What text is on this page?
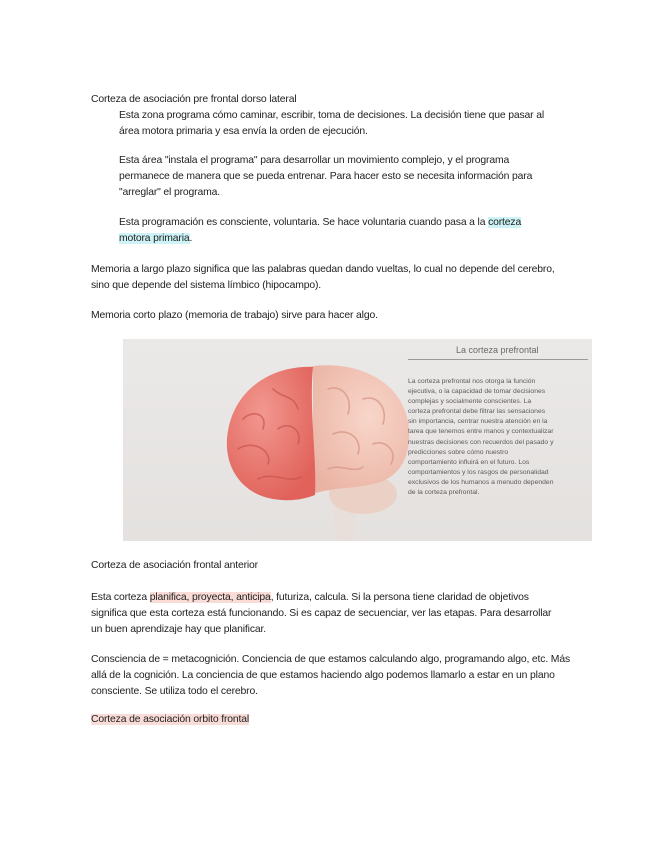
Corteza de asociación pre frontal dorso lateral

Esta zona programa cómo caminar, escribir, toma de decisiones. La decisión tiene que pasar al

área motora primaria y esa envía la orden de ejecución.

Esta área "instala el programa" para desarrollar un movimiento complejo, y el programa

permanece de manera que se pueda entrenar. Para hacer esto se necesita información para

"arreglar" el programa.

Esta programación es consciente, voluntaria. Se hace voluntaria cuando pasa a la corteza

motora primaria.

Memoria a largo plazo significa que las palabras quedan dando vueltas, lo cual no depende del cerebro,

sino que depende del sistema límbico (hipocampo).

Memoria corto plazo (memoria de trabajo) sirve para hacer algo.

La corteza prefrontal
La corteza prefrontal nos otorga la función
ejecutiva, o la capacidad de tomar decisiones
complejas y socialmente conscientes. La
corteza prefrontal debe filtrar las sensaciones
sin importancia, centrar nuestra atención en la
tarea que tenemos entre manos y contextualizar
nuestras decisiones con recuerdos del pasado y
predicciones sobre cómo nuestro
comportamiento influirá en el futuro. Los
comportamientos y los rasgos de personalidad
exclusivos de los humanos a menudo dependen
de la corteza prefrontal.

Corteza de asociación frontal anterior

Esta corteza planifica, proyecta, anticipa, futuriza, calcula. Si la persona tiene claridad de objetivos

significa que esta corteza está funcionando. Si es capaz de secuenciar, ver las etapas. Para desarrollar

un buen aprendizaje hay que planificar.

Consciencia de = metacognición. Conciencia de que estamos calculando algo, programando algo, etc. Más

allá de la cognición. La conciencia de que estamos haciendo algo podemos llamarlo a estar en un plano

consciente. Se utiliza todo el cerebro.

Corteza de asociación orbito frontal
